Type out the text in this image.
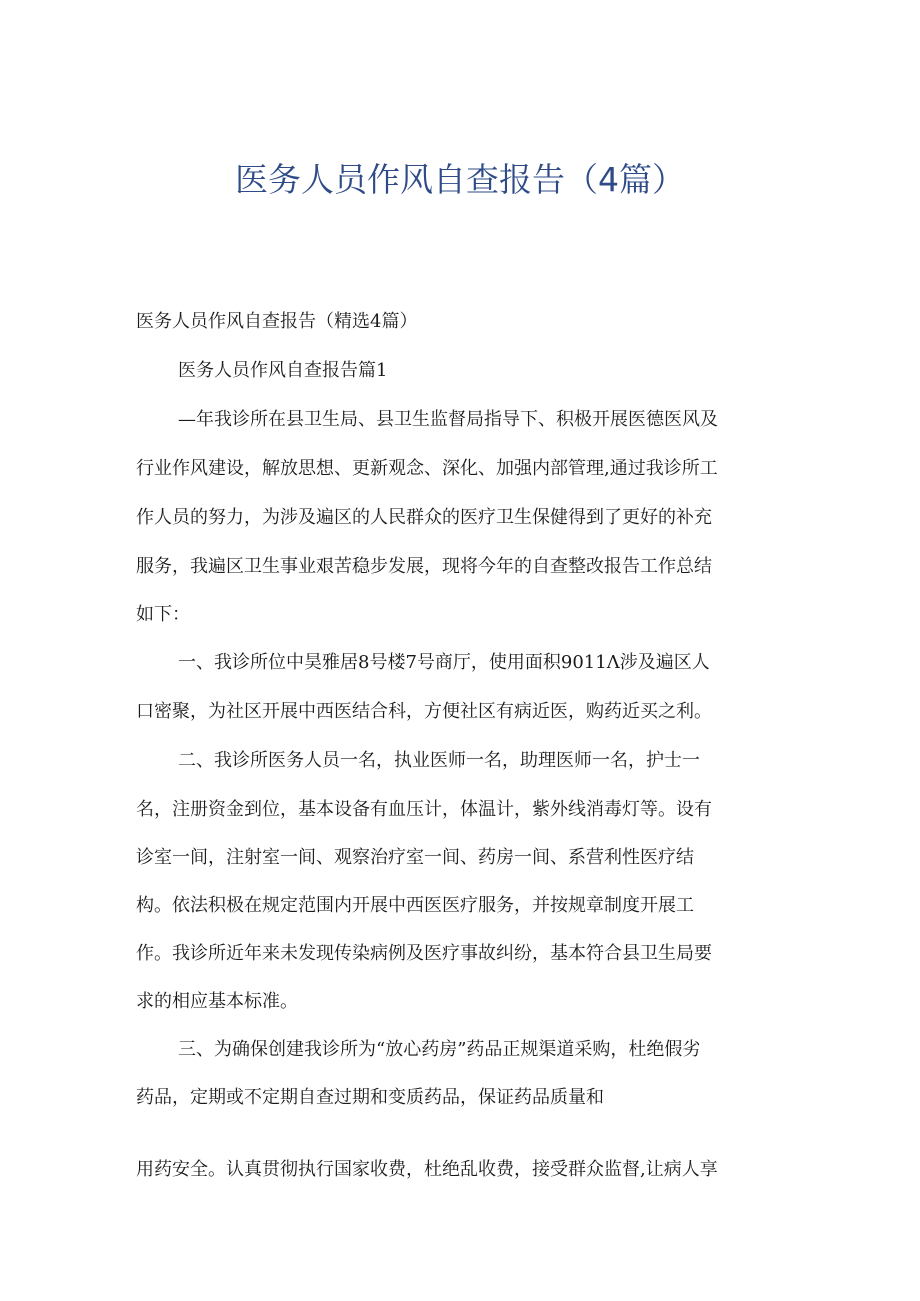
医务人员作风自查报告（4篇）
医务人员作风自查报告（精选4篇）
医务人员作风自查报告篇1
—年我诊所在县卫生局、县卫生监督局指导下、积极开展医德医风及
行业作风建设，解放思想、更新观念、深化、加强内部管理,通过我诊所工
作人员的努力，为涉及遍区的人民群众的医疗卫生保健得到了更好的补充
服务，我遍区卫生事业艰苦稳步发展，现将今年的自查整改报告工作总结
如下：
一、我诊所位中昊雅居8号楼7号商厅，使用面积9011Λ涉及遍区人
口密聚，为社区开展中西医结合科，方便社区有病近医，购药近买之利。
二、我诊所医务人员一名，执业医师一名，助理医师一名，护士一
名，注册资金到位，基本设备有血压计，体温计，紫外线消毒灯等。设有
诊室一间，注射室一间、观察治疗室一间、药房一间、系营利性医疗结
构。依法积极在规定范围内开展中西医医疗服务，并按规章制度开展工
作。我诊所近年来未发现传染病例及医疗事故纠纷，基本符合县卫生局要
求的相应基本标准。
三、为确保创建我诊所为“放心药房”药品正规渠道采购，杜绝假劣
药品，定期或不定期自查过期和变质药品，保证药品质量和
用药安全。认真贯彻执行国家收费，杜绝乱收费，接受群众监督,让病人享
